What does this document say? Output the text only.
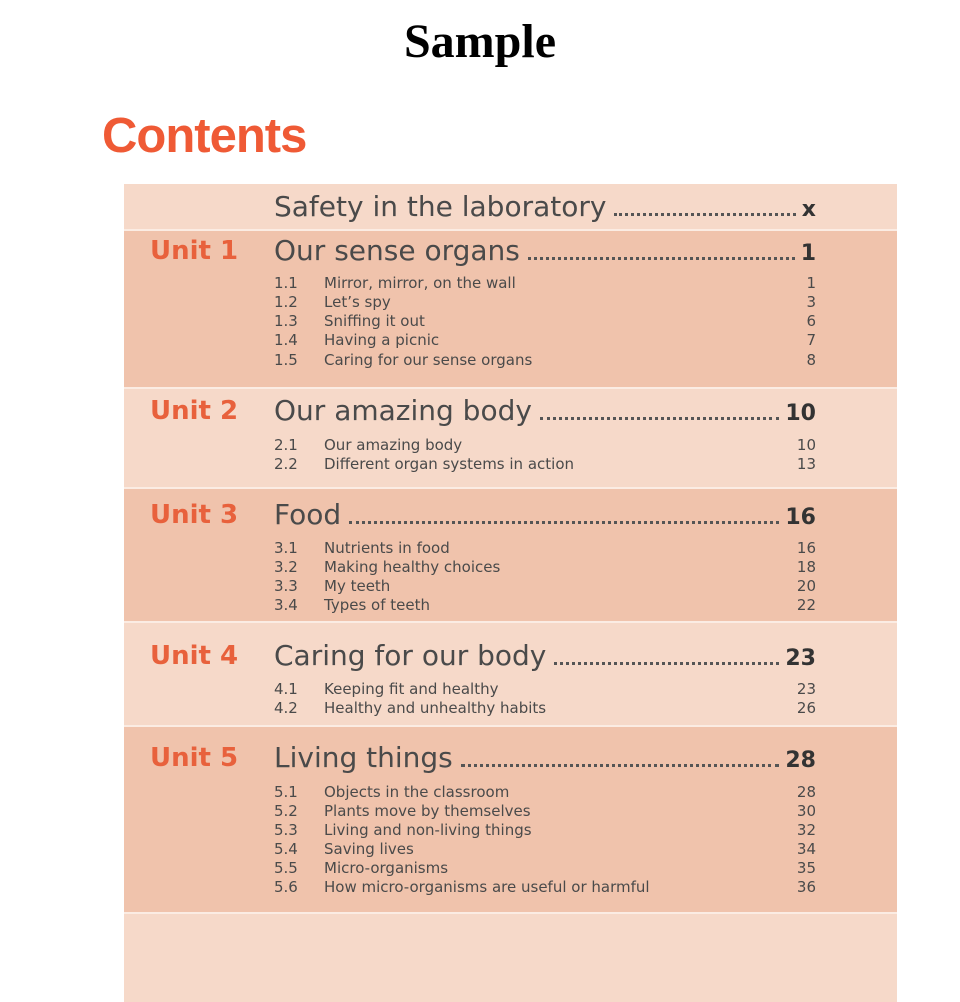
Sample
Contents
Safety in the laboratory	x
Unit 1 Our sense organs	1
1.1 Mirror, mirror, on the wall	1
1.2 Let’s spy	3
1.3 Sniffing it out	6
1.4 Having a picnic	7
1.5 Caring for our sense organs	8
Unit 2 Our amazing body	10
2.1 Our amazing body	10
2.2 Different organ systems in action	13
Unit 3 Food	16
3.1 Nutrients in food	16
3.2 Making healthy choices	18
3.3 My teeth	20
3.4 Types of teeth	22
Unit 4 Caring for our body	23
4.1 Keeping fit and healthy	23
4.2 Healthy and unhealthy habits	26
Unit 5 Living things	28
5.1 Objects in the classroom	28
5.2 Plants move by themselves	30
5.3 Living and non-living things	32
5.4 Saving lives	34
5.5 Micro-organisms	35
5.6 How micro-organisms are useful or harmful	36
